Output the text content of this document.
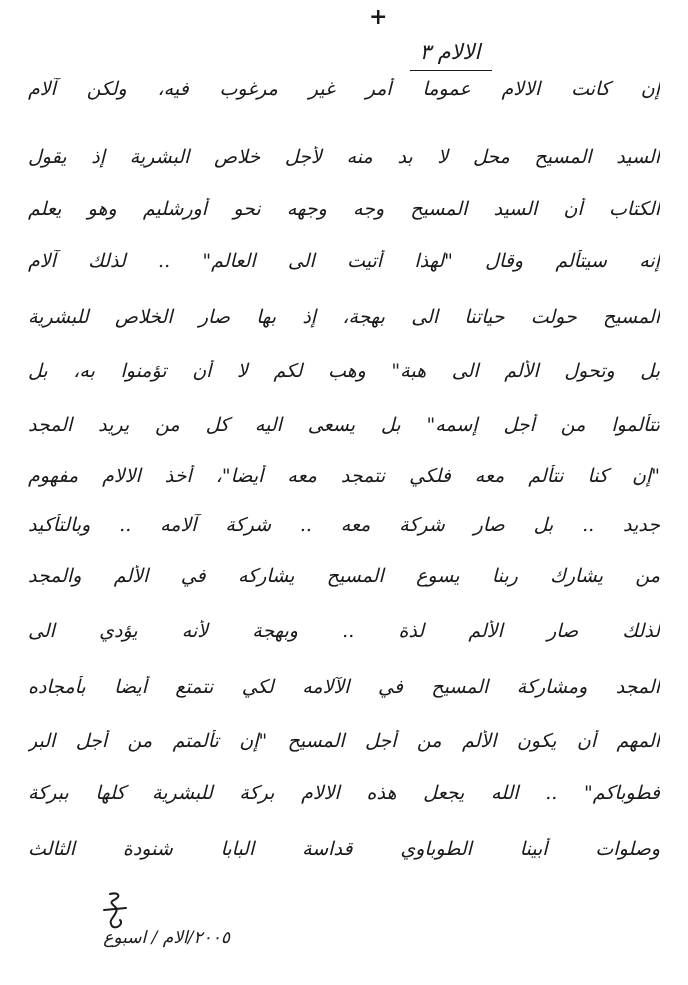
+
الالام ٣
إن كانت الالام عموما أمر غير مرغوب فيه، ولكن آلام
السيد المسيح محل لا بد منه لأجل خلاص البشرية إذ يقول
الكتاب أن السيد المسيح وجه وجهه نحو أورشليم وهو يعلم
إنه سيتألم وقال "لهذا أتيت الى العالم" .. لذلك آلام
المسيح حولت حياتنا الى بهجة، إذ بها صار الخلاص للبشرية
بل وتحول الألم الى هبة" وهب لكم لا أن تؤمنوا به، بل
تتألموا من أجل إسمه" بل يسعى اليه كل من يريد المجد
"إن كنا نتألم معه فلكي نتمجد معه أيضا"، أخذ الالام مفهوم
جديد .. بل صار شركة معه .. شركة آلامه .. وبالتأكيد
من يشارك ربنا يسوع المسيح يشاركه في الألم والمجد
لذلك صار الألم لذة .. وبهجة لأنه يؤدي الى
المجد ومشاركة المسيح في الآلامه لكي نتمتع أيضا بأمجاده
المهم أن يكون الألم من أجل المسيح "إن تألمتم من أجل البر
فطوباكم" .. الله يجعل هذه الالام بركة للبشرية كلها ببركة
وصلوات أبينا الطوباوي قداسة البابا شنودة الثالث
٢٠٠٥/الام / اسبوع
